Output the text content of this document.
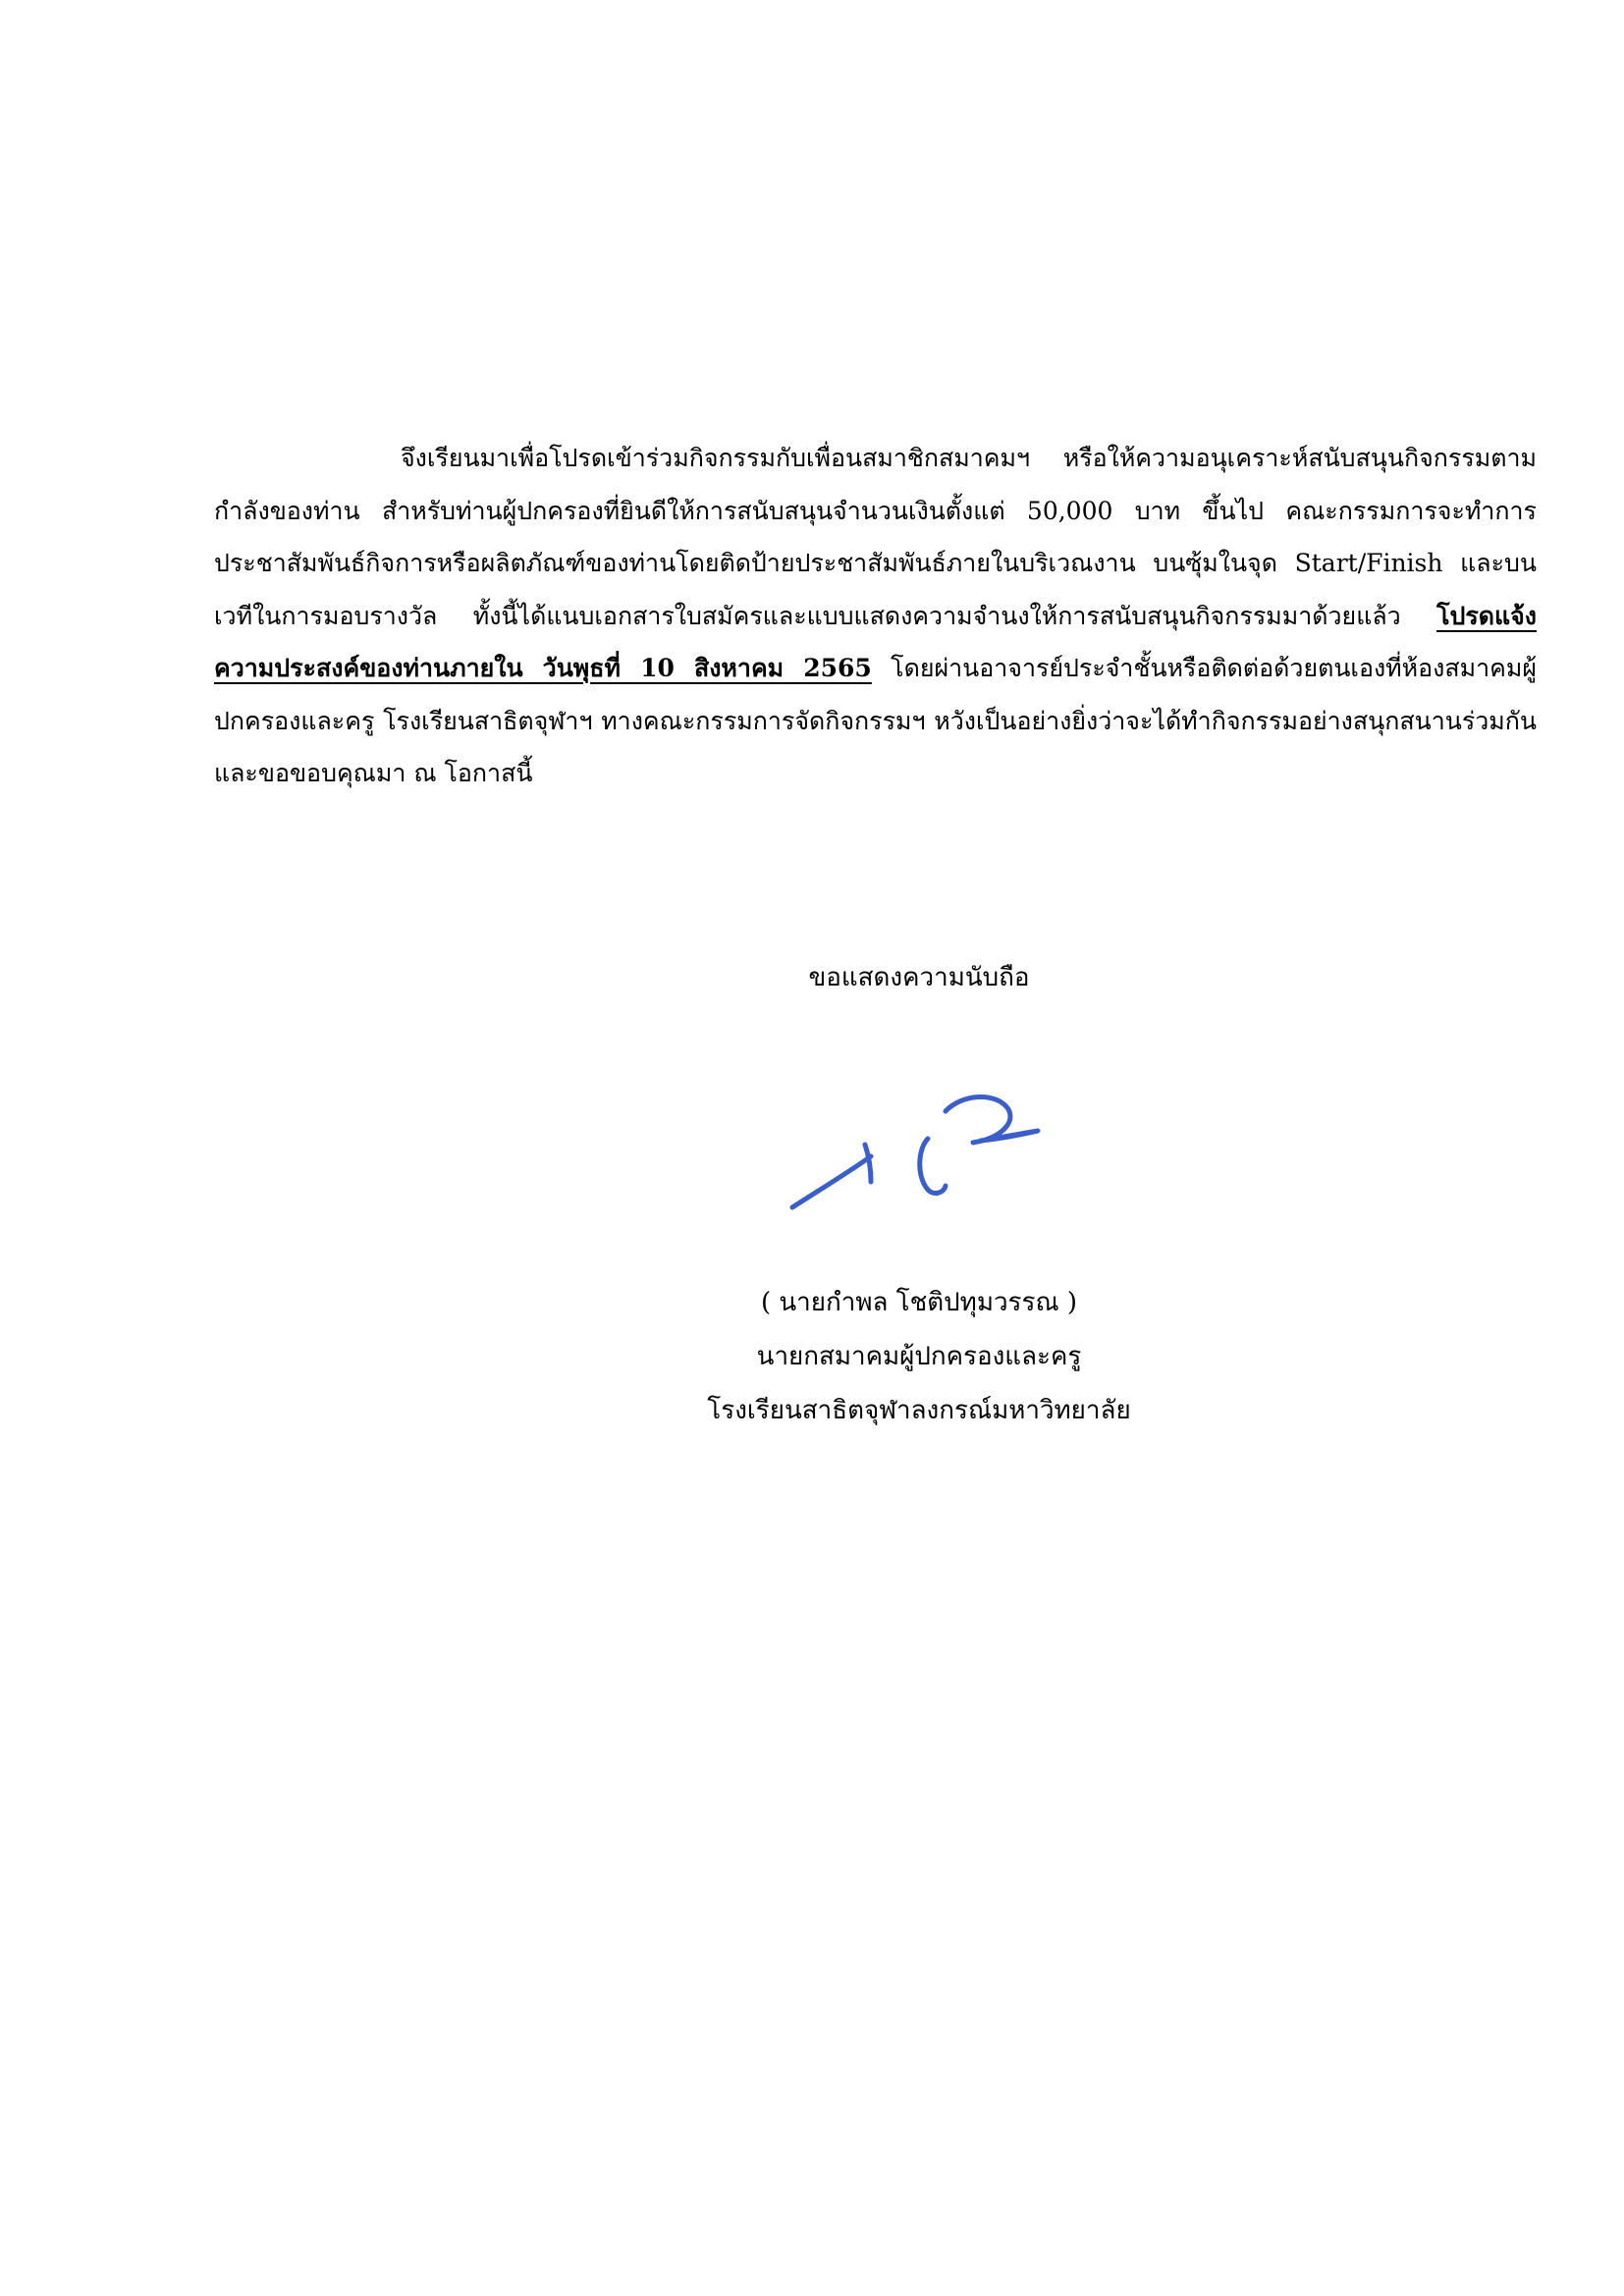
จึงเรียนมาเพื่อโปรดเข้าร่วมกิจกรรมกับเพื่อนสมาชิกสมาคมฯ หรือให้ความอนุเคราะห์สนับสนุนกิจกรรมตามกำลังของท่าน สำหรับท่านผู้ปกครองที่ยินดีให้การสนับสนุนจำนวนเงินตั้งแต่ 50,000 บาท ขึ้นไป คณะกรรมการจะทำการประชาสัมพันธ์กิจการหรือผลิตภัณฑ์ของท่านโดยติดป้ายประชาสัมพันธ์ภายในบริเวณงาน บนซุ้มในจุด Start/Finish และบนเวทีในการมอบรางวัล ทั้งนี้ได้แนบเอกสารใบสมัครและแบบแสดงความจำนงให้การสนับสนุนกิจกรรมมาด้วยแล้ว โปรดแจ้งความประสงค์ของท่านภายใน วันพุธที่ 10 สิงหาคม 2565 โดยผ่านอาจารย์ประจำชั้นหรือติดต่อด้วยตนเองที่ห้องสมาคมผู้ปกครองและครู โรงเรียนสาธิตจุฬาฯ ทางคณะกรรมการจัดกิจกรรมฯ หวังเป็นอย่างยิ่งว่าจะได้ทำกิจกรรมอย่างสนุกสนานร่วมกันและขอขอบคุณมา ณ โอกาสนี้

ขอแสดงความนับถือ
( นายกำพล โชติปทุมวรรณ )
นายกสมาคมผู้ปกครองและครู
โรงเรียนสาธิตจุฬาลงกรณ์มหาวิทยาลัย
